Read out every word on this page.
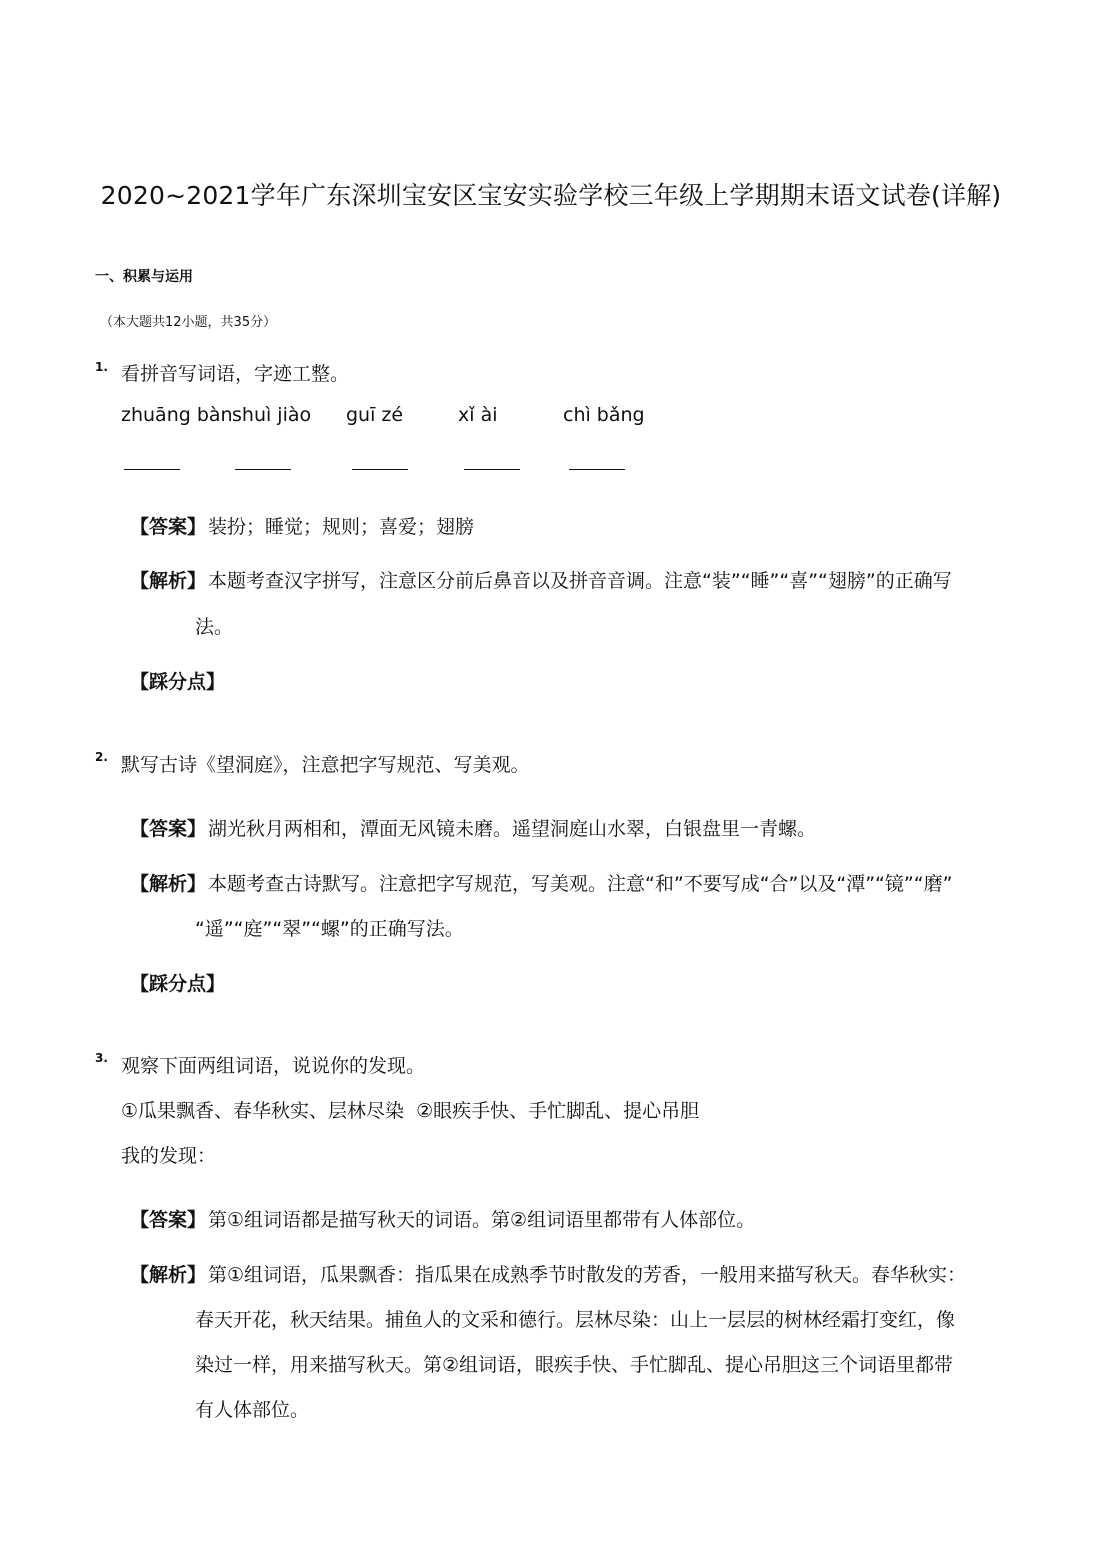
2020~2021学年广东深圳宝安区宝安实验学校三年级上学期期末语文试卷(详解)
一、积累与运用
（本大题共12小题，共35分）
1. 看拼音写词语，字迹工整。
zhuāng bàn shuì jiào guī zé	xǐ ài	chì bǎng
【答案】 装扮；睡觉；规则；喜爱；翅膀
【解析】 本题考查汉字拼写，注意区分前后鼻音以及拼音音调。注意“装”“睡”“喜”“翅膀”的正确写
法。
【踩分点】
2. 默写古诗《望洞庭》，注意把字写规范、写美观。
【答案】 湖光秋月两相和，潭面无风镜未磨。遥望洞庭山水翠，白银盘里一青螺。
【解析】 本题考查古诗默写。注意把字写规范，写美观。注意“和”不要写成“合”以及“潭”“镜”“磨”
“遥”“庭”“翠”“螺”的正确写法。
【踩分点】
3. 观察下面两组词语，说说你的发现。
①瓜果飘香、春华秋实、层林尽染  ②眼疾手快、手忙脚乱、提心吊胆
我的发现：
【答案】 第①组词语都是描写秋天的词语。第②组词语里都带有人体部位。
【解析】 第①组词语，瓜果飘香：指瓜果在成熟季节时散发的芳香，一般用来描写秋天。春华秋实：
春天开花，秋天结果。捕鱼人的文采和德行。层林尽染：山上一层层的树林经霜打变红，像
染过一样，用来描写秋天。第②组词语，眼疾手快、手忙脚乱、提心吊胆这三个词语里都带
有人体部位。
